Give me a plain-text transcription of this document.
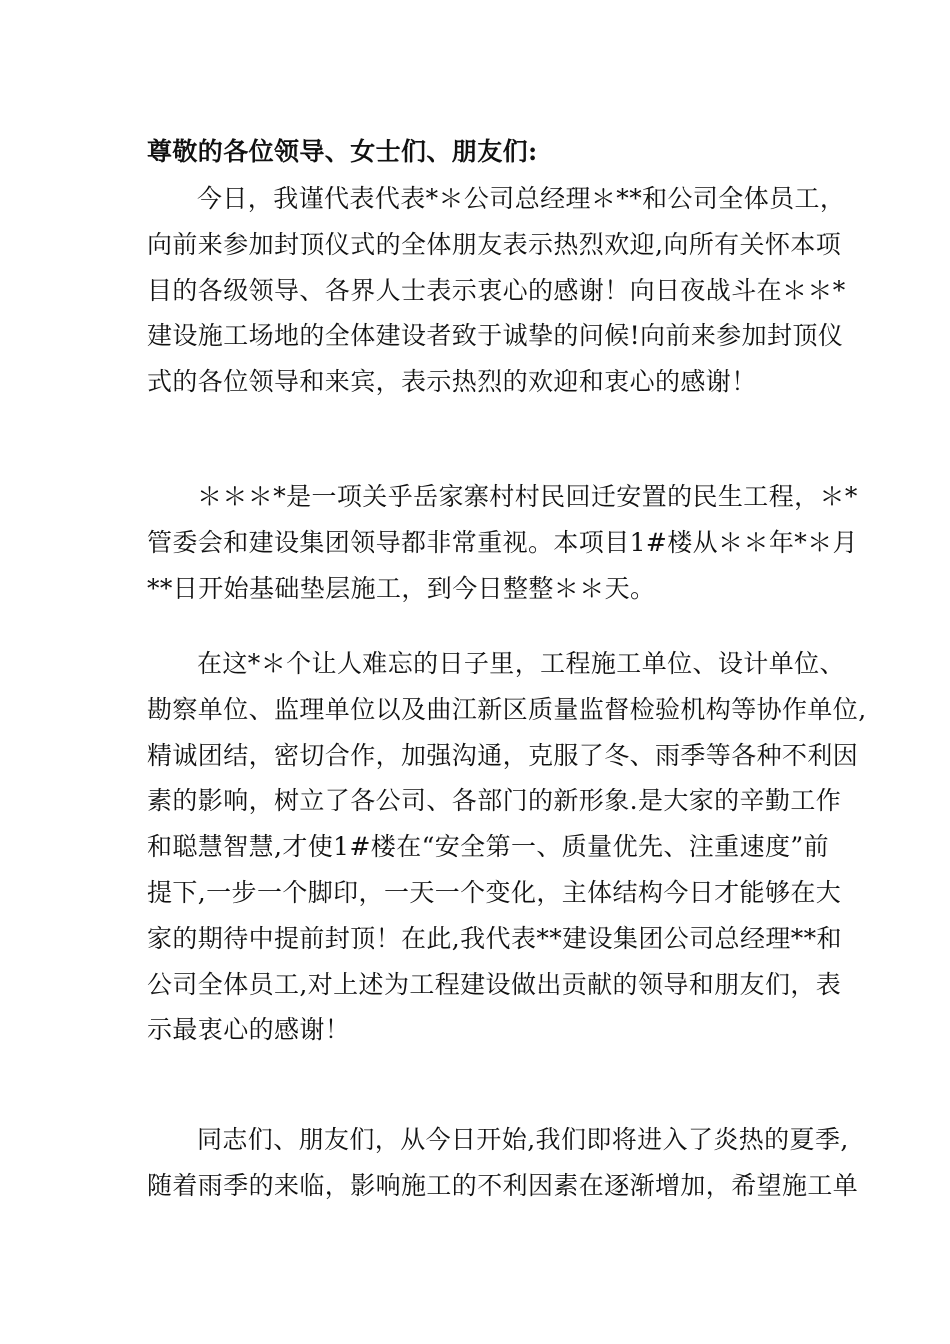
尊敬的各位领导、女士们、朋友们:

今日，我谨代表代表*＊公司总经理＊**和公司全体员工，
向前来参加封顶仪式的全体朋友表示热烈欢迎,向所有关怀本项
目的各级领导、各界人士表示衷心的感谢！向日夜战斗在＊＊*
建设施工场地的全体建设者致于诚挚的问候!向前来参加封顶仪
式的各位领导和来宾，表示热烈的欢迎和衷心的感谢！

＊＊＊*是一项关乎岳家寨村村民回迁安置的民生工程，＊*
管委会和建设集团领导都非常重视。本项目1#楼从＊＊年*＊月
**日开始基础垫层施工，到今日整整＊＊天。

在这*＊个让人难忘的日子里，工程施工单位、设计单位、
勘察单位、监理单位以及曲江新区质量监督检验机构等协作单位,
精诚团结，密切合作，加强沟通，克服了冬、雨季等各种不利因
素的影响，树立了各公司、各部门的新形象.是大家的辛勤工作
和聪慧智慧,才使1#楼在“安全第一、质量优先、注重速度”前
提下,一步一个脚印，一天一个变化，主体结构今日才能够在大
家的期待中提前封顶！在此,我代表**建设集团公司总经理**和
公司全体员工,对上述为工程建设做出贡献的领导和朋友们，表
示最衷心的感谢！

同志们、朋友们，从今日开始,我们即将进入了炎热的夏季,
随着雨季的来临，影响施工的不利因素在逐渐增加，希望施工单
